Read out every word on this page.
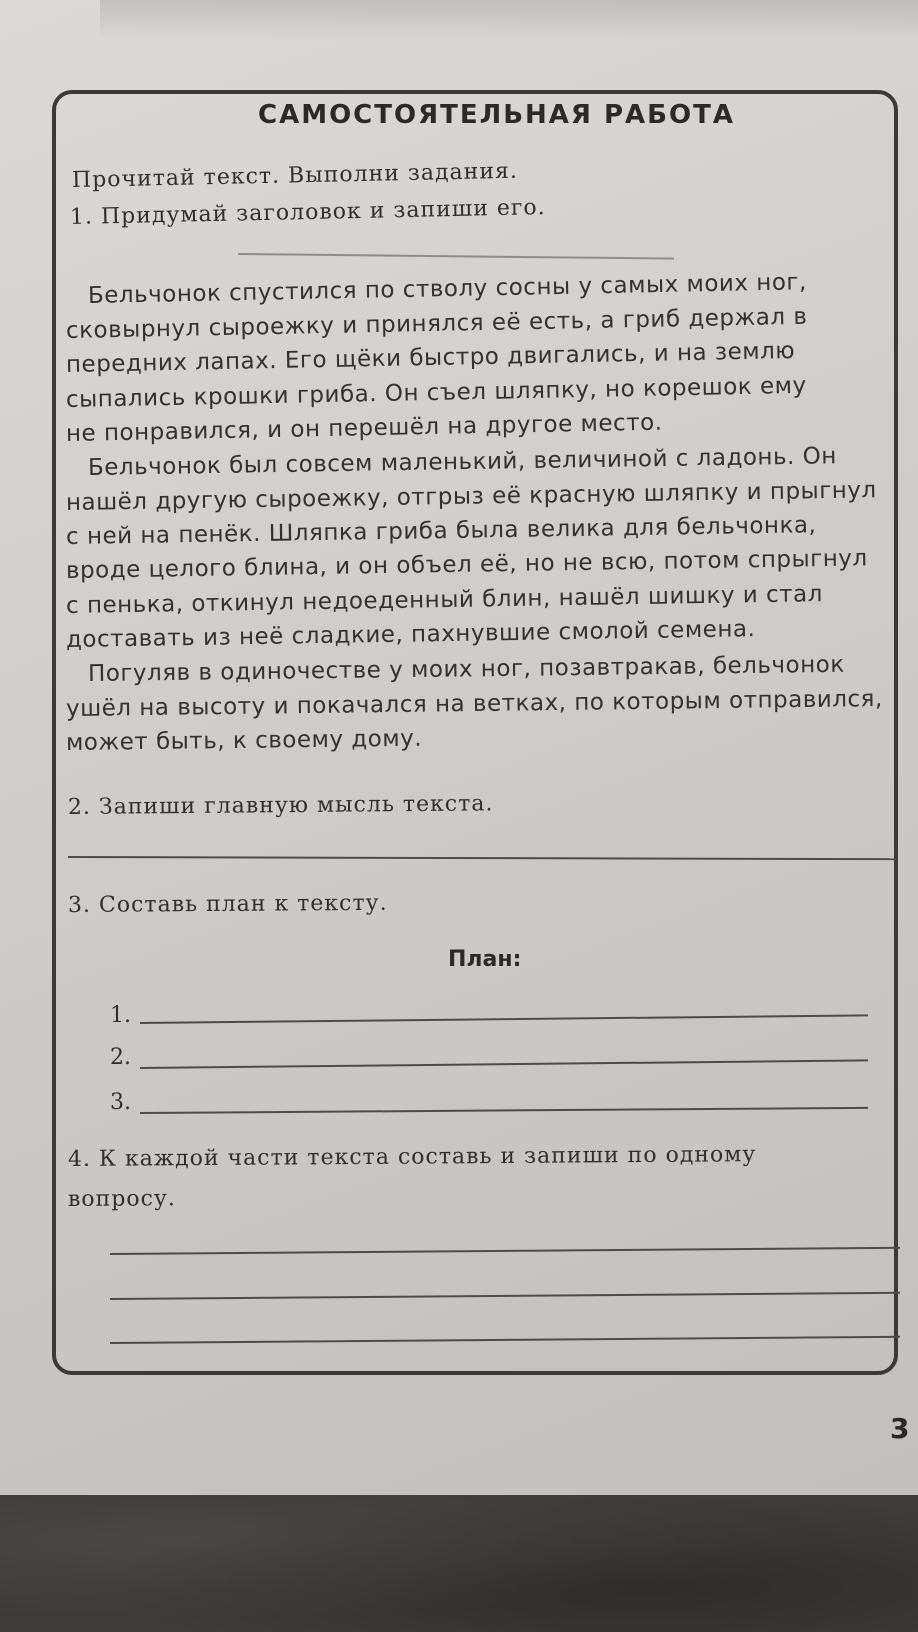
САМОСТОЯТЕЛЬНАЯ РАБОТА
Прочитай текст. Выполни задания.
1. Придумай заголовок и запиши его.
Бельчонок спустился по стволу сосны у самых моих ног,
сковырнул сыроежку и принялся её есть, а гриб держал в
передних лапах. Его щёки быстро двигались, и на землю
сыпались крошки гриба. Он съел шляпку, но корешок ему
не понравился, и он перешёл на другое место.
Бельчонок был совсем маленький, величиной с ладонь. Он
нашёл другую сыроежку, отгрыз её красную шляпку и прыгнул
с ней на пенёк. Шляпка гриба была велика для бельчонка,
вроде целого блина, и он объел её, но не всю, потом спрыгнул
с пенька, откинул недоеденный блин, нашёл шишку и стал
доставать из неё сладкие, пахнувшие смолой семена.
Погуляв в одиночестве у моих ног, позавтракав, бельчонок
ушёл на высоту и покачался на ветках, по которым отправился,
может быть, к своему дому.
2. Запиши главную мысль текста.
3. Составь план к тексту.
План:
1.
2.
3.
4. К каждой части текста составь и запиши по одному
вопросу.
3
